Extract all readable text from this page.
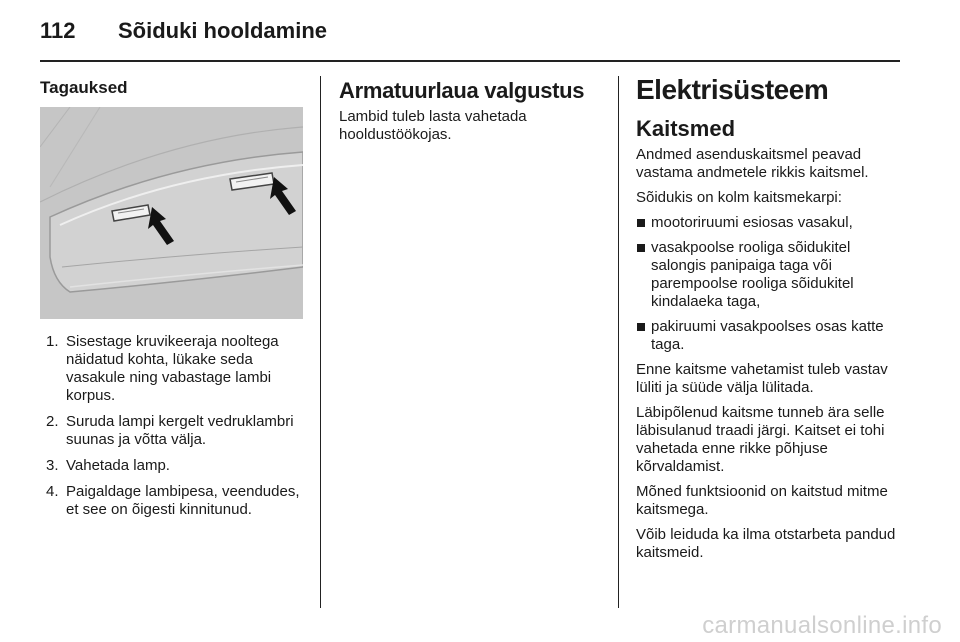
112 Sõiduki hooldamine
Tagauksed
1. Sisestage kruvikeeraja nooltega näidatud kohta, lükake seda vasakule ning vabastage lambi korpus.
2. Suruda lampi kergelt vedruklambri suunas ja võtta välja.
3. Vahetada lamp.
4. Paigaldage lambipesa, veendudes, et see on õigesti kinnitunud.
Armatuurlaua valgustus
Lambid tuleb lasta vahetada hooldustöökojas.
Elektrisüsteem
Kaitsmed

Andmed asenduskaitsmel peavad vastama andmetele rikkis kaitsmel.

Sõidukis on kolm kaitsmekarpi:

mootoriruumi esiosas vasakul,
vasakpoolse rooliga sõidukitel salongis panipaiga taga või parempoolse rooliga sõidukitel kindalaeka taga,
pakiruumi vasakpoolses osas katte taga.

Enne kaitsme vahetamist tuleb vastav lüliti ja süüde välja lülitada.

Läbipõlenud kaitsme tunneb ära selle läbisulanud traadi järgi. Kaitset ei tohi vahetada enne rikke põhjuse kõrvaldamist.

Mõned funktsioonid on kaitstud mitme kaitsmega.

Võib leiduda ka ilma otstarbeta pandud kaitsmeid.

carmanualsonline.info
